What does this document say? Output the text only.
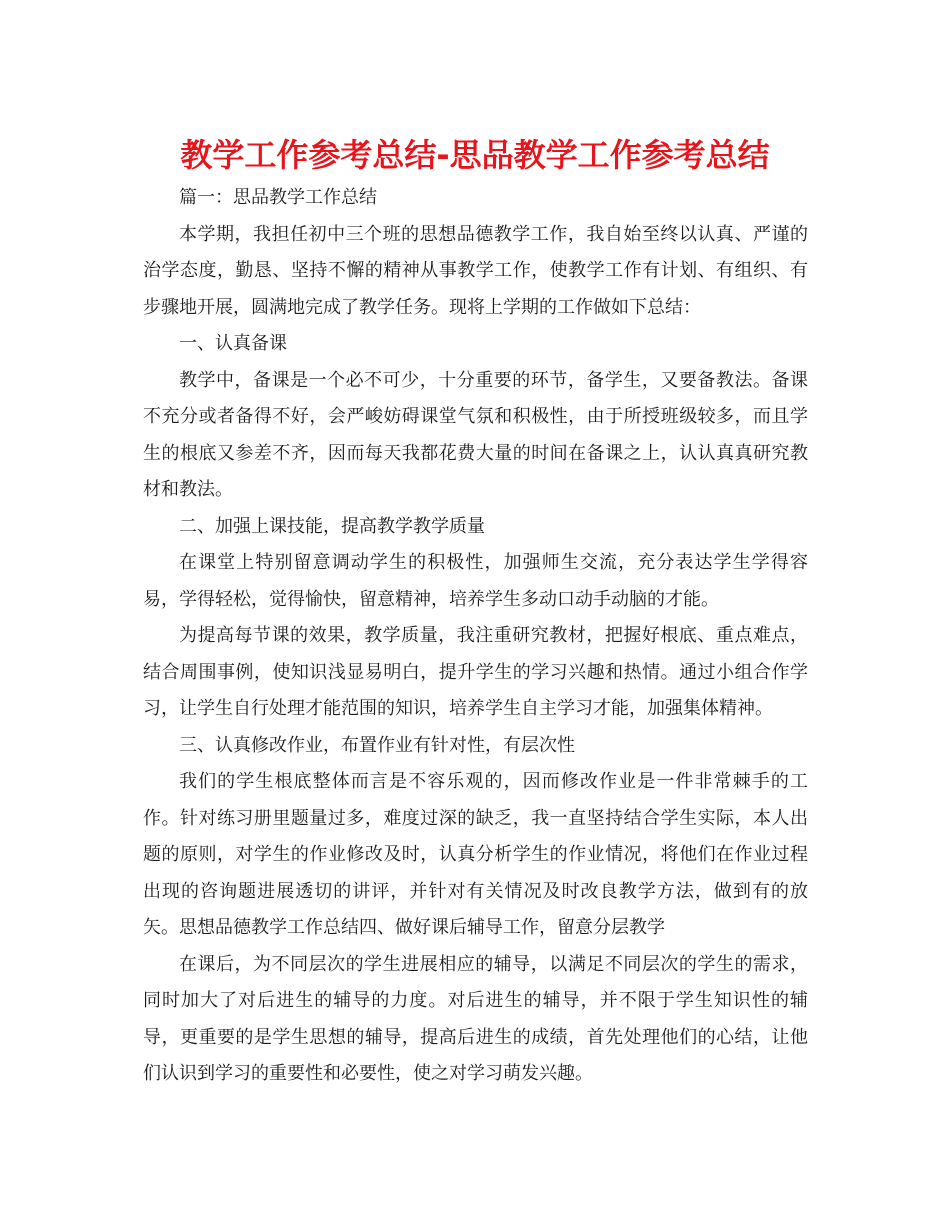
教学工作参考总结-思品教学工作参考总结

篇一：思品教学工作总结

本学期，我担任初中三个班的思想品德教学工作，我自始至终以认真、严谨的治学态度，勤恳、坚持不懈的精神从事教学工作，使教学工作有计划、有组织、有步骤地开展，圆满地完成了教学任务。现将上学期的工作做如下总结：

一、认真备课

教学中，备课是一个必不可少，十分重要的环节，备学生，又要备教法。备课不充分或者备得不好，会严峻妨碍课堂气氛和积极性，由于所授班级较多，而且学生的根底又参差不齐，因而每天我都花费大量的时间在备课之上，认认真真研究教材和教法。

二、加强上课技能，提高教学教学质量

在课堂上特别留意调动学生的积极性，加强师生交流，充分表达学生学得容易，学得轻松，觉得愉快，留意精神，培养学生多动口动手动脑的才能。

为提高每节课的效果，教学质量，我注重研究教材，把握好根底、重点难点，结合周围事例，使知识浅显易明白，提升学生的学习兴趣和热情。通过小组合作学习，让学生自行处理才能范围的知识，培养学生自主学习才能，加强集体精神。

三、认真修改作业，布置作业有针对性，有层次性

我们的学生根底整体而言是不容乐观的，因而修改作业是一件非常棘手的工作。针对练习册里题量过多，难度过深的缺乏，我一直坚持结合学生实际，本人出题的原则，对学生的作业修改及时，认真分析学生的作业情况，将他们在作业过程出现的咨询题进展透切的讲评，并针对有关情况及时改良教学方法，做到有的放矢。思想品德教学工作总结四、做好课后辅导工作，留意分层教学

在课后，为不同层次的学生进展相应的辅导，以满足不同层次的学生的需求，同时加大了对后进生的辅导的力度。对后进生的辅导，并不限于学生知识性的辅导，更重要的是学生思想的辅导，提高后进生的成绩，首先处理他们的心结，让他们认识到学习的重要性和必要性，使之对学习萌发兴趣。
